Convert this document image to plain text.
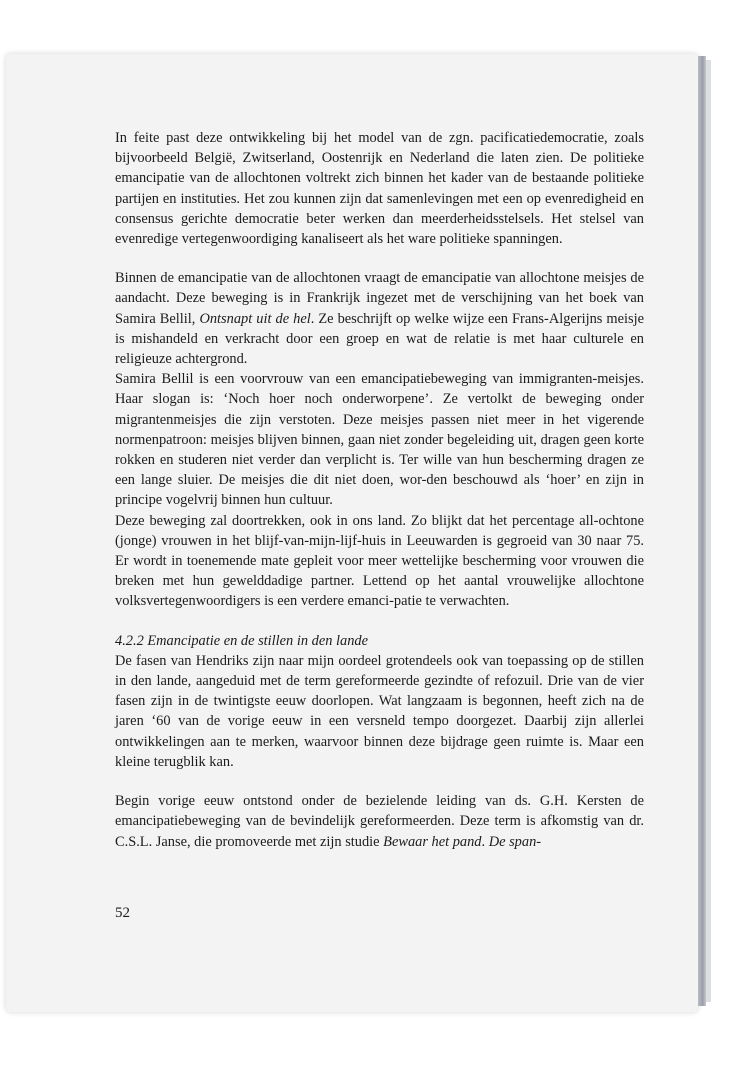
In feite past deze ontwikkeling bij het model van de zgn. pacificatiedemocratie, zoals bijvoorbeeld België, Zwitserland, Oostenrijk en Nederland die laten zien. De politieke emancipatie van de allochtonen voltrekt zich binnen het kader van de bestaande politieke partijen en instituties. Het zou kunnen zijn dat samenlevingen met een op evenredigheid en consensus gerichte democratie beter werken dan meerderheidsstelsels. Het stelsel van evenredige vertegenwoordiging kanaliseert als het ware politieke spanningen.

Binnen de emancipatie van de allochtonen vraagt de emancipatie van allochtone meisjes de aandacht. Deze beweging is in Frankrijk ingezet met de verschijning van het boek van Samira Bellil, Ontsnapt uit de hel. Ze beschrijft op welke wijze een Frans-Algerijns meisje is mishandeld en verkracht door een groep en wat de relatie is met haar culturele en religieuze achtergrond.

Samira Bellil is een voorvrouw van een emancipatiebeweging van immigranten-meisjes. Haar slogan is: ‘Noch hoer noch onderworpene’. Ze vertolkt de beweging onder migrantenmeisjes die zijn verstoten. Deze meisjes passen niet meer in het vigerende normenpatroon: meisjes blijven binnen, gaan niet zonder begeleiding uit, dragen geen korte rokken en studeren niet verder dan verplicht is. Ter wille van hun bescherming dragen ze een lange sluier. De meisjes die dit niet doen, wor-den beschouwd als ‘hoer’ en zijn in principe vogelvrij binnen hun cultuur.

Deze beweging zal doortrekken, ook in ons land. Zo blijkt dat het percentage all-ochtone (jonge) vrouwen in het blijf-van-mijn-lijf-huis in Leeuwarden is gegroeid van 30 naar 75. Er wordt in toenemende mate gepleit voor meer wettelijke bescherming voor vrouwen die breken met hun gewelddadige partner. Lettend op het aantal vrouwelijke allochtone volksvertegenwoordigers is een verdere emanci-patie te verwachten.

4.2.2 Emancipatie en de stillen in den lande

De fasen van Hendriks zijn naar mijn oordeel grotendeels ook van toepassing op de stillen in den lande, aangeduid met de term gereformeerde gezindte of refozuil. Drie van de vier fasen zijn in de twintigste eeuw doorlopen. Wat langzaam is begonnen, heeft zich na de jaren ‘60 van de vorige eeuw in een versneld tempo doorgezet. Daarbij zijn allerlei ontwikkelingen aan te merken, waarvoor binnen deze bijdrage geen ruimte is. Maar een kleine terugblik kan.

Begin vorige eeuw ontstond onder de bezielende leiding van ds. G.H. Kersten de emancipatiebeweging van de bevindelijk gereformeerden. Deze term is afkomstig van dr. C.S.L. Janse, die promoveerde met zijn studie Bewaar het pand. De span-

52
